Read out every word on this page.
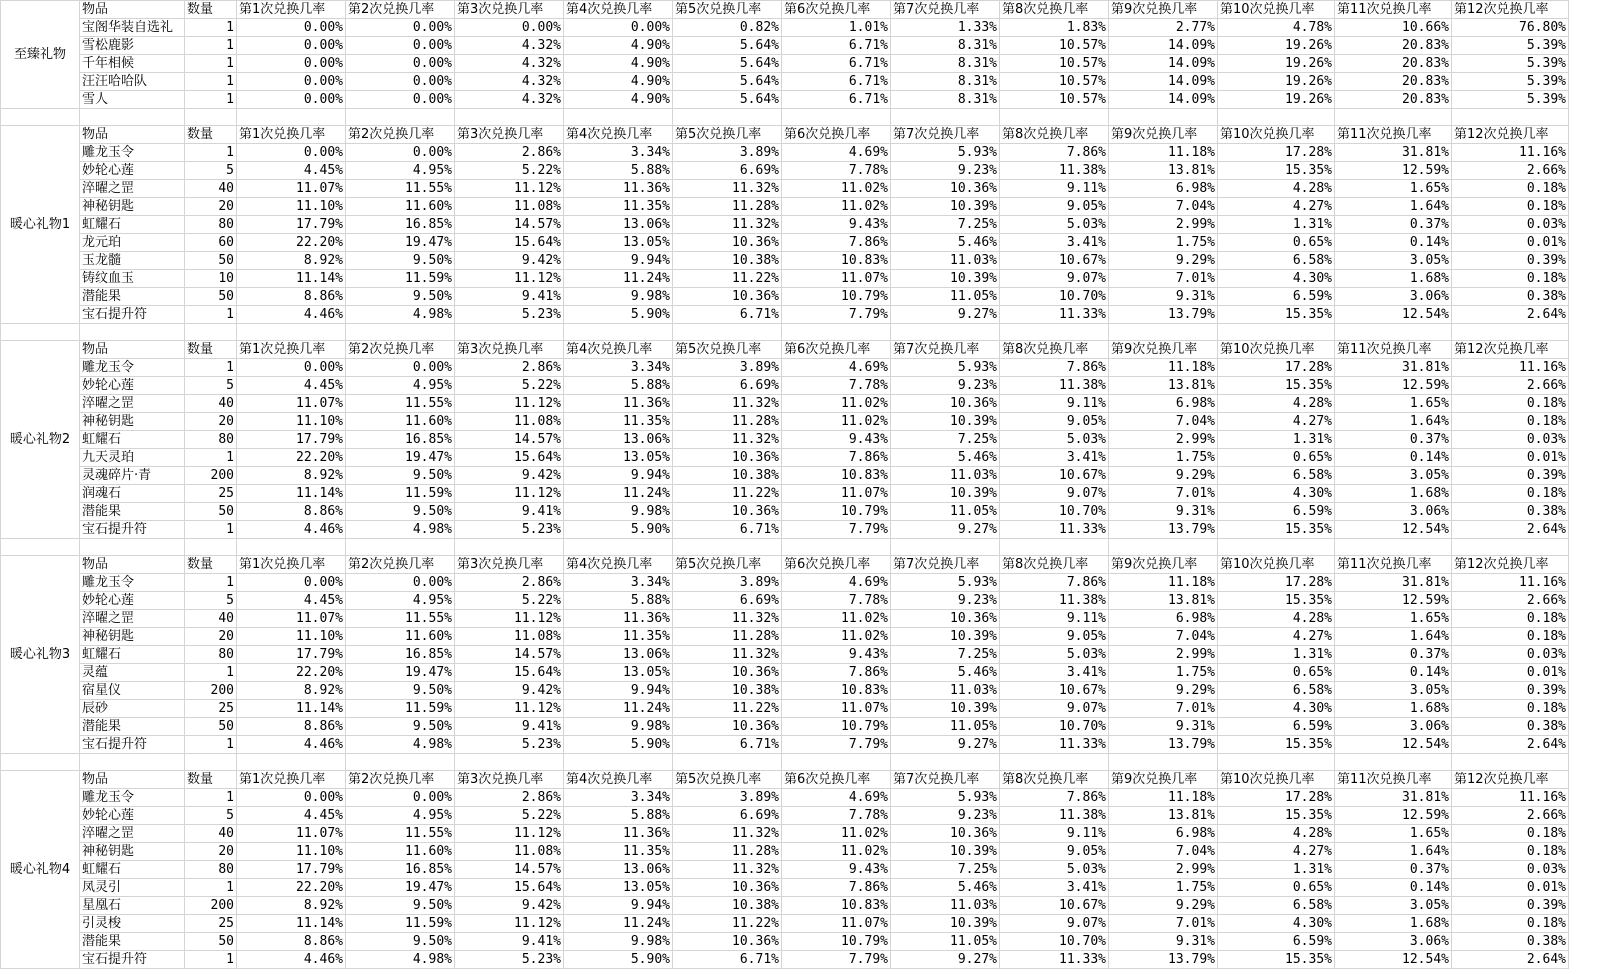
至臻礼物	物品	数量	第1次兑换几率	第2次兑换几率	第3次兑换几率	第4次兑换几率	第5次兑换几率	第6次兑换几率	第7次兑换几率	第8次兑换几率	第9次兑换几率	第10次兑换几率	第11次兑换几率	第12次兑换几率
	宝阁华装自选礼	1	0.00%	0.00%	0.00%	0.00%	0.82%	1.01%	1.33%	1.83%	2.77%	4.78%	10.66%	76.80%
	雪松鹿影	1	0.00%	0.00%	4.32%	4.90%	5.64%	6.71%	8.31%	10.57%	14.09%	19.26%	20.83%	5.39%
	千年相候	1	0.00%	0.00%	4.32%	4.90%	5.64%	6.71%	8.31%	10.57%	14.09%	19.26%	20.83%	5.39%
	汪汪哈哈队	1	0.00%	0.00%	4.32%	4.90%	5.64%	6.71%	8.31%	10.57%	14.09%	19.26%	20.83%	5.39%
	雪人	1	0.00%	0.00%	4.32%	4.90%	5.64%	6.71%	8.31%	10.57%	14.09%	19.26%	20.83%	5.39%

暖心礼物1	物品	数量	第1次兑换几率	第2次兑换几率	第3次兑换几率	第4次兑换几率	第5次兑换几率	第6次兑换几率	第7次兑换几率	第8次兑换几率	第9次兑换几率	第10次兑换几率	第11次兑换几率	第12次兑换几率
	雕龙玉令	1	0.00%	0.00%	2.86%	3.34%	3.89%	4.69%	5.93%	7.86%	11.18%	17.28%	31.81%	11.16%
	妙轮心莲	5	4.45%	4.95%	5.22%	5.88%	6.69%	7.78%	9.23%	11.38%	13.81%	15.35%	12.59%	2.66%
	淬曜之罡	40	11.07%	11.55%	11.12%	11.36%	11.32%	11.02%	10.36%	9.11%	6.98%	4.28%	1.65%	0.18%
	神秘钥匙	20	11.10%	11.60%	11.08%	11.35%	11.28%	11.02%	10.39%	9.05%	7.04%	4.27%	1.64%	0.18%
	虹耀石	80	17.79%	16.85%	14.57%	13.06%	11.32%	9.43%	7.25%	5.03%	2.99%	1.31%	0.37%	0.03%
	龙元珀	60	22.20%	19.47%	15.64%	13.05%	10.36%	7.86%	5.46%	3.41%	1.75%	0.65%	0.14%	0.01%
	玉龙髓	50	8.92%	9.50%	9.42%	9.94%	10.38%	10.83%	11.03%	10.67%	9.29%	6.58%	3.05%	0.39%
	铸纹血玉	10	11.14%	11.59%	11.12%	11.24%	11.22%	11.07%	10.39%	9.07%	7.01%	4.30%	1.68%	0.18%
	潜能果	50	8.86%	9.50%	9.41%	9.98%	10.36%	10.79%	11.05%	10.70%	9.31%	6.59%	3.06%	0.38%
	宝石提升符	1	4.46%	4.98%	5.23%	5.90%	6.71%	7.79%	9.27%	11.33%	13.79%	15.35%	12.54%	2.64%

暖心礼物2	物品	数量	第1次兑换几率	第2次兑换几率	第3次兑换几率	第4次兑换几率	第5次兑换几率	第6次兑换几率	第7次兑换几率	第8次兑换几率	第9次兑换几率	第10次兑换几率	第11次兑换几率	第12次兑换几率
	雕龙玉令	1	0.00%	0.00%	2.86%	3.34%	3.89%	4.69%	5.93%	7.86%	11.18%	17.28%	31.81%	11.16%
	妙轮心莲	5	4.45%	4.95%	5.22%	5.88%	6.69%	7.78%	9.23%	11.38%	13.81%	15.35%	12.59%	2.66%
	淬曜之罡	40	11.07%	11.55%	11.12%	11.36%	11.32%	11.02%	10.36%	9.11%	6.98%	4.28%	1.65%	0.18%
	神秘钥匙	20	11.10%	11.60%	11.08%	11.35%	11.28%	11.02%	10.39%	9.05%	7.04%	4.27%	1.64%	0.18%
	虹耀石	80	17.79%	16.85%	14.57%	13.06%	11.32%	9.43%	7.25%	5.03%	2.99%	1.31%	0.37%	0.03%
	九天灵珀	1	22.20%	19.47%	15.64%	13.05%	10.36%	7.86%	5.46%	3.41%	1.75%	0.65%	0.14%	0.01%
	灵魂碎片·青	200	8.92%	9.50%	9.42%	9.94%	10.38%	10.83%	11.03%	10.67%	9.29%	6.58%	3.05%	0.39%
	润魂石	25	11.14%	11.59%	11.12%	11.24%	11.22%	11.07%	10.39%	9.07%	7.01%	4.30%	1.68%	0.18%
	潜能果	50	8.86%	9.50%	9.41%	9.98%	10.36%	10.79%	11.05%	10.70%	9.31%	6.59%	3.06%	0.38%
	宝石提升符	1	4.46%	4.98%	5.23%	5.90%	6.71%	7.79%	9.27%	11.33%	13.79%	15.35%	12.54%	2.64%

暖心礼物3	物品	数量	第1次兑换几率	第2次兑换几率	第3次兑换几率	第4次兑换几率	第5次兑换几率	第6次兑换几率	第7次兑换几率	第8次兑换几率	第9次兑换几率	第10次兑换几率	第11次兑换几率	第12次兑换几率
	雕龙玉令	1	0.00%	0.00%	2.86%	3.34%	3.89%	4.69%	5.93%	7.86%	11.18%	17.28%	31.81%	11.16%
	妙轮心莲	5	4.45%	4.95%	5.22%	5.88%	6.69%	7.78%	9.23%	11.38%	13.81%	15.35%	12.59%	2.66%
	淬曜之罡	40	11.07%	11.55%	11.12%	11.36%	11.32%	11.02%	10.36%	9.11%	6.98%	4.28%	1.65%	0.18%
	神秘钥匙	20	11.10%	11.60%	11.08%	11.35%	11.28%	11.02%	10.39%	9.05%	7.04%	4.27%	1.64%	0.18%
	虹耀石	80	17.79%	16.85%	14.57%	13.06%	11.32%	9.43%	7.25%	5.03%	2.99%	1.31%	0.37%	0.03%
	灵蕴	1	22.20%	19.47%	15.64%	13.05%	10.36%	7.86%	5.46%	3.41%	1.75%	0.65%	0.14%	0.01%
	宿星仪	200	8.92%	9.50%	9.42%	9.94%	10.38%	10.83%	11.03%	10.67%	9.29%	6.58%	3.05%	0.39%
	辰砂	25	11.14%	11.59%	11.12%	11.24%	11.22%	11.07%	10.39%	9.07%	7.01%	4.30%	1.68%	0.18%
	潜能果	50	8.86%	9.50%	9.41%	9.98%	10.36%	10.79%	11.05%	10.70%	9.31%	6.59%	3.06%	0.38%
	宝石提升符	1	4.46%	4.98%	5.23%	5.90%	6.71%	7.79%	9.27%	11.33%	13.79%	15.35%	12.54%	2.64%

暖心礼物4	物品	数量	第1次兑换几率	第2次兑换几率	第3次兑换几率	第4次兑换几率	第5次兑换几率	第6次兑换几率	第7次兑换几率	第8次兑换几率	第9次兑换几率	第10次兑换几率	第11次兑换几率	第12次兑换几率
	雕龙玉令	1	0.00%	0.00%	2.86%	3.34%	3.89%	4.69%	5.93%	7.86%	11.18%	17.28%	31.81%	11.16%
	妙轮心莲	5	4.45%	4.95%	5.22%	5.88%	6.69%	7.78%	9.23%	11.38%	13.81%	15.35%	12.59%	2.66%
	淬曜之罡	40	11.07%	11.55%	11.12%	11.36%	11.32%	11.02%	10.36%	9.11%	6.98%	4.28%	1.65%	0.18%
	神秘钥匙	20	11.10%	11.60%	11.08%	11.35%	11.28%	11.02%	10.39%	9.05%	7.04%	4.27%	1.64%	0.18%
	虹耀石	80	17.79%	16.85%	14.57%	13.06%	11.32%	9.43%	7.25%	5.03%	2.99%	1.31%	0.37%	0.03%
	凤灵引	1	22.20%	19.47%	15.64%	13.05%	10.36%	7.86%	5.46%	3.41%	1.75%	0.65%	0.14%	0.01%
	星凰石	200	8.92%	9.50%	9.42%	9.94%	10.38%	10.83%	11.03%	10.67%	9.29%	6.58%	3.05%	0.39%
	引灵梭	25	11.14%	11.59%	11.12%	11.24%	11.22%	11.07%	10.39%	9.07%	7.01%	4.30%	1.68%	0.18%
	潜能果	50	8.86%	9.50%	9.41%	9.98%	10.36%	10.79%	11.05%	10.70%	9.31%	6.59%	3.06%	0.38%
	宝石提升符	1	4.46%	4.98%	5.23%	5.90%	6.71%	7.79%	9.27%	11.33%	13.79%	15.35%	12.54%	2.64%
